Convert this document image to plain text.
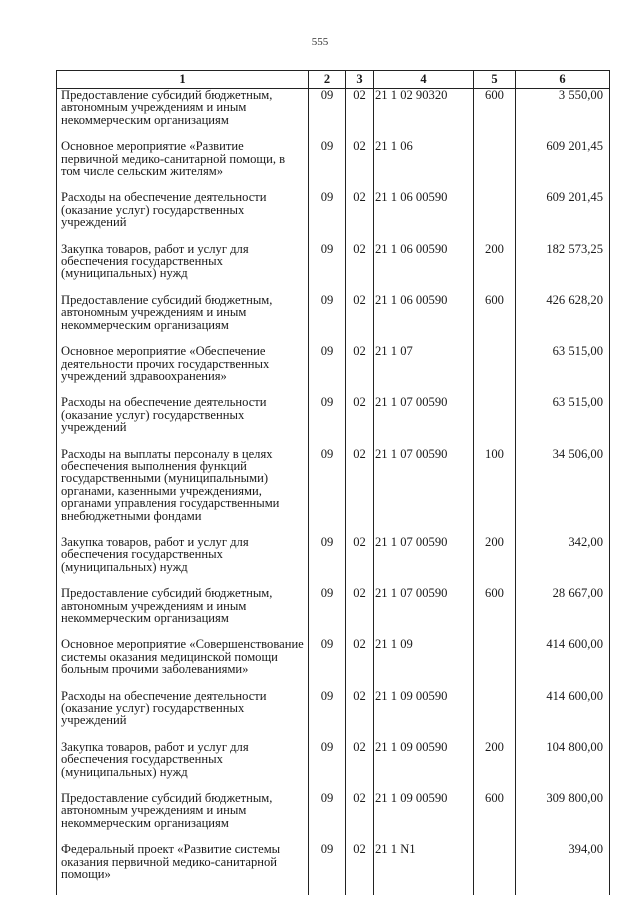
555
1	2	3	4	5	6
Предоставление субсидий бюджетным, автономным учреждениям и иным некоммерческим организациям	09	02	21 1 02 90320	600	3 550,00
Основное мероприятие «Развитие первичной медико-санитарной помощи, в том числе сельским жителям»	09	02	21 1 06		609 201,45
Расходы на обеспечение деятельности (оказание услуг) государственных учреждений	09	02	21 1 06 00590		609 201,45
Закупка товаров, работ и услуг для обеспечения государственных (муниципальных) нужд	09	02	21 1 06 00590	200	182 573,25
Предоставление субсидий бюджетным, автономным учреждениям и иным некоммерческим организациям	09	02	21 1 06 00590	600	426 628,20
Основное мероприятие «Обеспечение деятельности прочих государственных учреждений здравоохранения»	09	02	21 1 07		63 515,00
Расходы на обеспечение деятельности (оказание услуг) государственных учреждений	09	02	21 1 07 00590		63 515,00
Расходы на выплаты персоналу в целях обеспечения выполнения функций государственными (муниципальными) органами, казенными учреждениями, органами управления государственными внебюджетными фондами	09	02	21 1 07 00590	100	34 506,00
Закупка товаров, работ и услуг для обеспечения государственных (муниципальных) нужд	09	02	21 1 07 00590	200	342,00
Предоставление субсидий бюджетным, автономным учреждениям и иным некоммерческим организациям	09	02	21 1 07 00590	600	28 667,00
Основное мероприятие «Совершенствование системы оказания медицинской помощи больным прочими заболеваниями»	09	02	21 1 09		414 600,00
Расходы на обеспечение деятельности (оказание услуг) государственных учреждений	09	02	21 1 09 00590		414 600,00
Закупка товаров, работ и услуг для обеспечения государственных (муниципальных) нужд	09	02	21 1 09 00590	200	104 800,00
Предоставление субсидий бюджетным, автономным учреждениям и иным некоммерческим организациям	09	02	21 1 09 00590	600	309 800,00
Федеральный проект «Развитие системы оказания первичной медико-санитарной помощи»	09	02	21 1 N1		394,00
